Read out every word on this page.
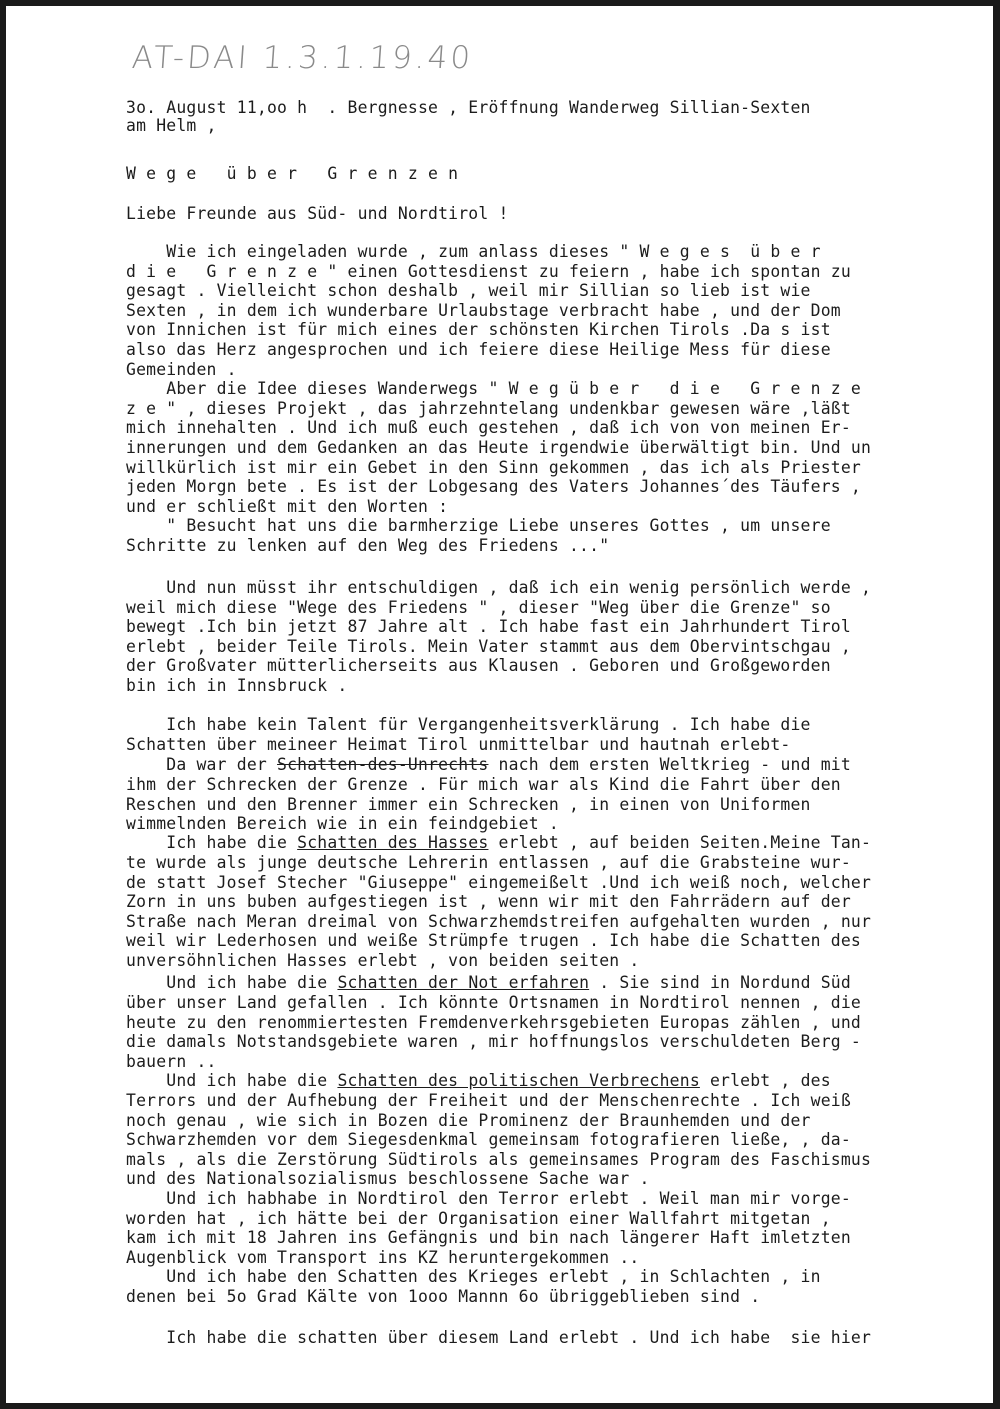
AT-DAI 1.3.1.19.40
3o. August 11,oo h  . Bergnesse , Eröffnung Wanderweg Sillian-Sexten
am Helm ,
W e g e   ü b e r   G r e n z e n
Liebe Freunde aus Süd- und Nordtirol !
Wie ich eingeladen wurde , zum anlass dieses " W e g e s  ü b e r
d i e   G r e n z e " einen Gottesdienst zu feiern , habe ich spontan zu
gesagt . Vielleicht schon deshalb , weil mir Sillian so lieb ist wie
Sexten , in dem ich wunderbare Urlaubstage verbracht habe , und der Dom
von Innichen ist für mich eines der schönsten Kirchen Tirols .Da s ist
also das Herz angesprochen und ich feiere diese Heilige Mess für diese
Gemeinden .
Aber die Idee dieses Wanderwegs " W e g ü b e r   d i e   G r e n z e
z e " , dieses Projekt , das jahrzehntelang undenkbar gewesen wäre ,läßt
mich innehalten . Und ich muß euch gestehen , daß ich von von meinen Er-
innerungen und dem Gedanken an das Heute irgendwie überwältigt bin. Und un
willkürlich ist mir ein Gebet in den Sinn gekommen , das ich als Priester
jeden Morgn bete . Es ist der Lobgesang des Vaters Johannes´des Täufers ,
und er schließt mit den Worten :
" Besucht hat uns die barmherzige Liebe unseres Gottes , um unsere
Schritte zu lenken auf den Weg des Friedens ..."
Und nun müsst ihr entschuldigen , daß ich ein wenig persönlich werde ,
weil mich diese "Wege des Friedens " , dieser "Weg über die Grenze" so
bewegt .Ich bin jetzt 87 Jahre alt . Ich habe fast ein Jahrhundert Tirol
erlebt , beider Teile Tirols. Mein Vater stammt aus dem Obervintschgau ,
der Großvater mütterlicherseits aus Klausen . Geboren und Großgeworden
bin ich in Innsbruck .
Ich habe kein Talent für Vergangenheitsverklärung . Ich habe die
Schatten über meineer Heimat Tirol unmittelbar und hautnah erlebt-
Da war der Schatten-des-Unrechts nach dem ersten Weltkrieg - und mit
ihm der Schrecken der Grenze . Für mich war als Kind die Fahrt über den
Reschen und den Brenner immer ein Schrecken , in einen von Uniformen
wimmelnden Bereich wie in ein feindgebiet .
Ich habe die Schatten des Hasses erlebt , auf beiden Seiten.Meine Tan-
te wurde als junge deutsche Lehrerin entlassen , auf die Grabsteine wur-
de statt Josef Stecher "Giuseppe" eingemeißelt .Und ich weiß noch, welcher
Zorn in uns buben aufgestiegen ist , wenn wir mit den Fahrrädern auf der
Straße nach Meran dreimal von Schwarzhemdstreifen aufgehalten wurden , nur
weil wir Lederhosen und weiße Strümpfe trugen . Ich habe die Schatten des
unversöhnlichen Hasses erlebt , von beiden seiten .
Und ich habe die Schatten der Not erfahren . Sie sind in Nordund Süd
über unser Land gefallen . Ich könnte Ortsnamen in Nordtirol nennen , die
heute zu den renommiertesten Fremdenverkehrsgebieten Europas zählen , und
die damals Notstandsgebiete waren , mir hoffnungslos verschuldeten Berg -
bauern ..
Und ich habe die Schatten des politischen Verbrechens erlebt , des
Terrors und der Aufhebung der Freiheit und der Menschenrechte . Ich weiß
noch genau , wie sich in Bozen die Prominenz der Braunhemden und der
Schwarzhemden vor dem Siegesdenkmal gemeinsam fotografieren ließe, , da-
mals , als die Zerstörung Südtirols als gemeinsames Program des Faschismus
und des Nationalsozialismus beschlossene Sache war .
Und ich habhabe in Nordtirol den Terror erlebt . Weil man mir vorge-
worden hat , ich hätte bei der Organisation einer Wallfahrt mitgetan ,
kam ich mit 18 Jahren ins Gefängnis und bin nach längerer Haft imletzten
Augenblick vom Transport ins KZ heruntergekommen ..
Und ich habe den Schatten des Krieges erlebt , in Schlachten , in
denen bei 5o Grad Kälte von 1ooo Mannn 6o übriggeblieben sind .
Ich habe die schatten über diesem Land erlebt . Und ich habe  sie hier
